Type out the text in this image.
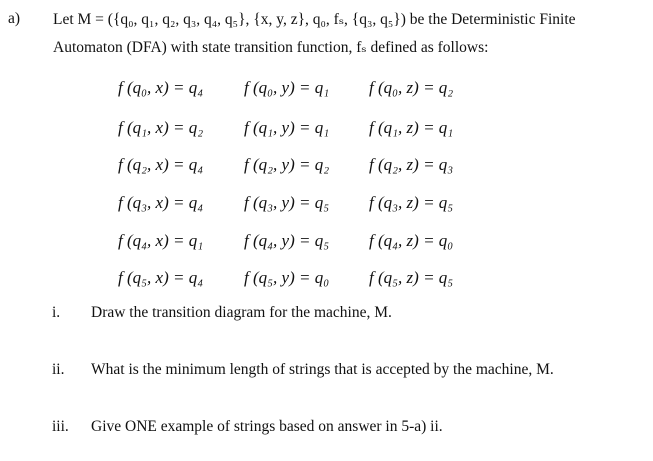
a) Let M = ({q₀, q₁, q₂, q₃, q₄, q₅}, {x, y, z}, q₀, fₛ, {q₃, q₅}) be the Deterministic Finite
Automaton (DFA) with state transition function, fₛ defined as follows:
f (q₀, x) = q₄ f (q₀, y) = q₁ f (q₀, z) = q₂
f (q₁, x) = q₂ f (q₁, y) = q₁ f (q₁, z) = q₁
f (q₂, x) = q₄ f (q₂, y) = q₂ f (q₂, z) = q₃
f (q₃, x) = q₄ f (q₃, y) = q₅ f (q₃, z) = q₅
f (q₄, x) = q₁ f (q₄, y) = q₅ f (q₄, z) = q₀
f (q₅, x) = q₄ f (q₅, y) = q₀ f (q₅, z) = q₅
i. Draw the transition diagram for the machine, M.
ii. What is the minimum length of strings that is accepted by the machine, M.
iii. Give ONE example of strings based on answer in 5-a) ii.
